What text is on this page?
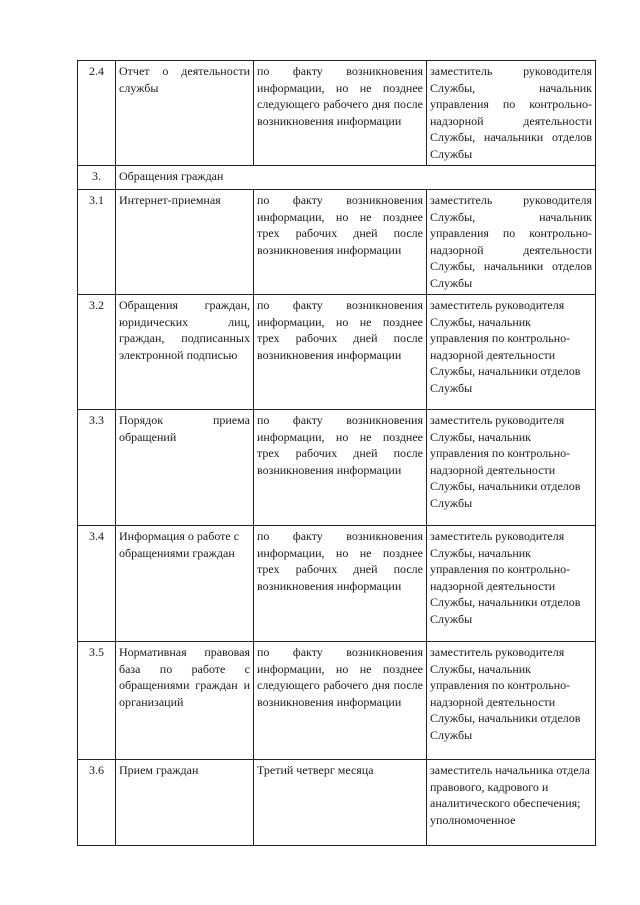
2.4	Отчет о деятельности службы	по факту возникновения информации, но не позднее следующего рабочего дня после возникновения информации	заместитель руководителя Службы, начальник управления по контрольно-надзорной деятельности Службы, начальники отделов Службы
3.	Обращения граждан		
3.1	Интернет-приемная	по факту возникновения информации, но не позднее трех рабочих дней после возникновения информации	заместитель руководителя Службы, начальник управления по контрольно-надзорной деятельности Службы, начальники отделов Службы
3.2	Обращения граждан, юридических лиц, граждан, подписанных электронной подписью	по факту возникновения информации, но не позднее трех рабочих дней после возникновения информации	заместитель руководителя Службы, начальник управления по контрольно-надзорной деятельности Службы, начальники отделов Службы
3.3	Порядок приема обращений	по факту возникновения информации, но не позднее трех рабочих дней после возникновения информации	заместитель руководителя Службы, начальник управления по контрольно-надзорной деятельности Службы, начальники отделов Службы
3.4	Информация о работе с обращениями граждан	по факту возникновения информации, но не позднее трех рабочих дней после возникновения информации	заместитель руководителя Службы, начальник управления по контрольно-надзорной деятельности Службы, начальники отделов Службы
3.5	Нормативная правовая база по работе с обращениями граждан и организаций	по факту возникновения информации, но не позднее следующего рабочего дня после возникновения информации	заместитель руководителя Службы, начальник управления по контрольно-надзорной деятельности Службы, начальники отделов Службы
3.6	Прием граждан	Третий четверг месяца	заместитель начальника отдела правового, кадрового и аналитического обеспечения; уполномоченное
